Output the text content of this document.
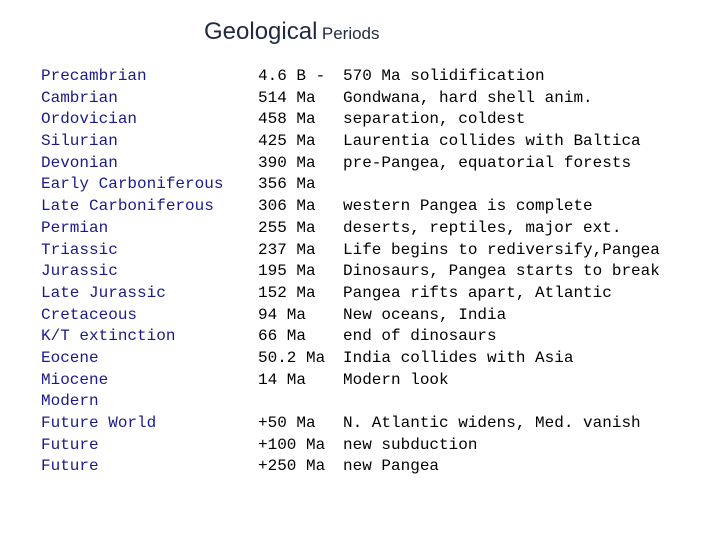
Geological Periods
Precambrian	4.6 B - 570 Ma solidification
Cambrian	514 Ma Gondwana, hard shell anim.
Ordovician	458 Ma separation, coldest
Silurian	425 Ma Laurentia collides with Baltica
Devonian	390 Ma pre-Pangea, equatorial forests
Early Carboniferous 356 Ma
Late Carboniferous	306 Ma western Pangea is complete
Permian	255 Ma deserts, reptiles, major ext.
Triassic	237 Ma Life begins to rediversify,Pangea
Jurassic	195 Ma Dinosaurs, Pangea starts to break
Late Jurassic	152 Ma Pangea rifts apart, Atlantic
Cretaceous	94 Ma New oceans, India
K/T extinction	66 Ma end of dinosaurs
Eocene	50.2 Ma India collides with Asia
Miocene	14 Ma Modern look
Modern
Future World	+50 Ma N. Atlantic widens, Med. vanish
Future	+100 Ma new subduction
Future	+250 Ma new Pangea
